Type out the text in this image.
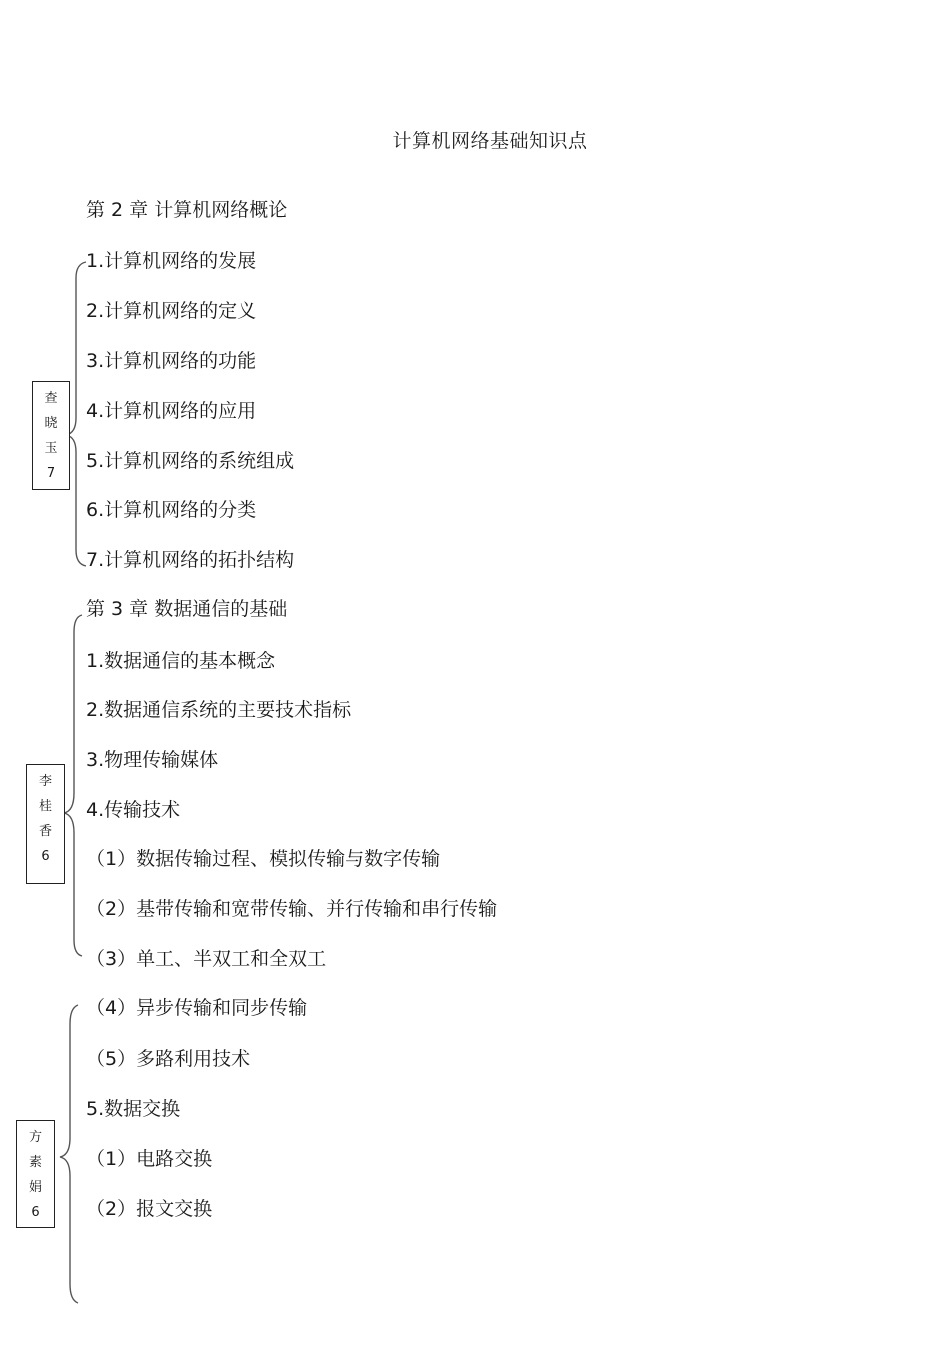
计算机网络基础知识点
第 2 章 计算机网络概论
1.计算机网络的发展
2.计算机网络的定义
3.计算机网络的功能
4.计算机网络的应用
5.计算机网络的系统组成
6.计算机网络的分类
7.计算机网络的拓扑结构
第 3 章 数据通信的基础
1.数据通信的基本概念
2.数据通信系统的主要技术指标
3.物理传输媒体
4.传输技术
（1）数据传输过程、模拟传输与数字传输
（2）基带传输和宽带传输、并行传输和串行传输
（3）单工、半双工和全双工
（4）异步传输和同步传输
（5）多路利用技术
5.数据交换
（1）电路交换
（2）报文交换
查
晓
玉
7
李
桂
香
6
方
素
娟
6
